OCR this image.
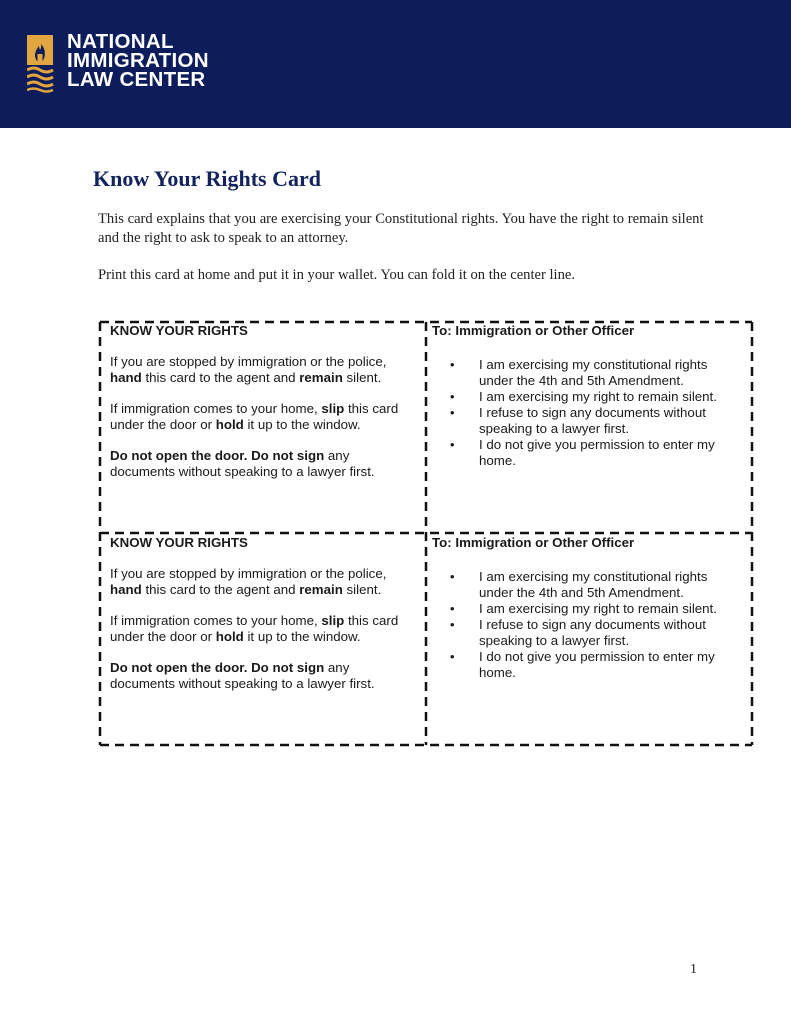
NATIONAL
IMMIGRATION
LAW CENTER
Know Your Rights Card

This card explains that you are exercising your Constitutional rights. You have the right to remain silent and the right to ask to speak to an attorney.

Print this card at home and put it in your wallet. You can fold it on the center line.

KNOW YOUR RIGHTS

If you are stopped by immigration or the police, hand this card to the agent and remain silent.

If immigration comes to your home, slip this card under the door or hold it up to the window.

Do not open the door. Do not sign any documents without speaking to a lawyer first.

To: Immigration or Other Officer
• I am exercising my constitutional rights under the 4th and 5th Amendment.
• I am exercising my right to remain silent.
• I refuse to sign any documents without speaking to a lawyer first.
• I do not give you permission to enter my home.
KNOW YOUR RIGHTS

If you are stopped by immigration or the police, hand this card to the agent and remain silent.

If immigration comes to your home, slip this card under the door or hold it up to the window.

Do not open the door. Do not sign any documents without speaking to a lawyer first.

To: Immigration or Other Officer
• I am exercising my constitutional rights under the 4th and 5th Amendment.
• I am exercising my right to remain silent.
• I refuse to sign any documents without speaking to a lawyer first.
• I do not give you permission to enter my home.
1
